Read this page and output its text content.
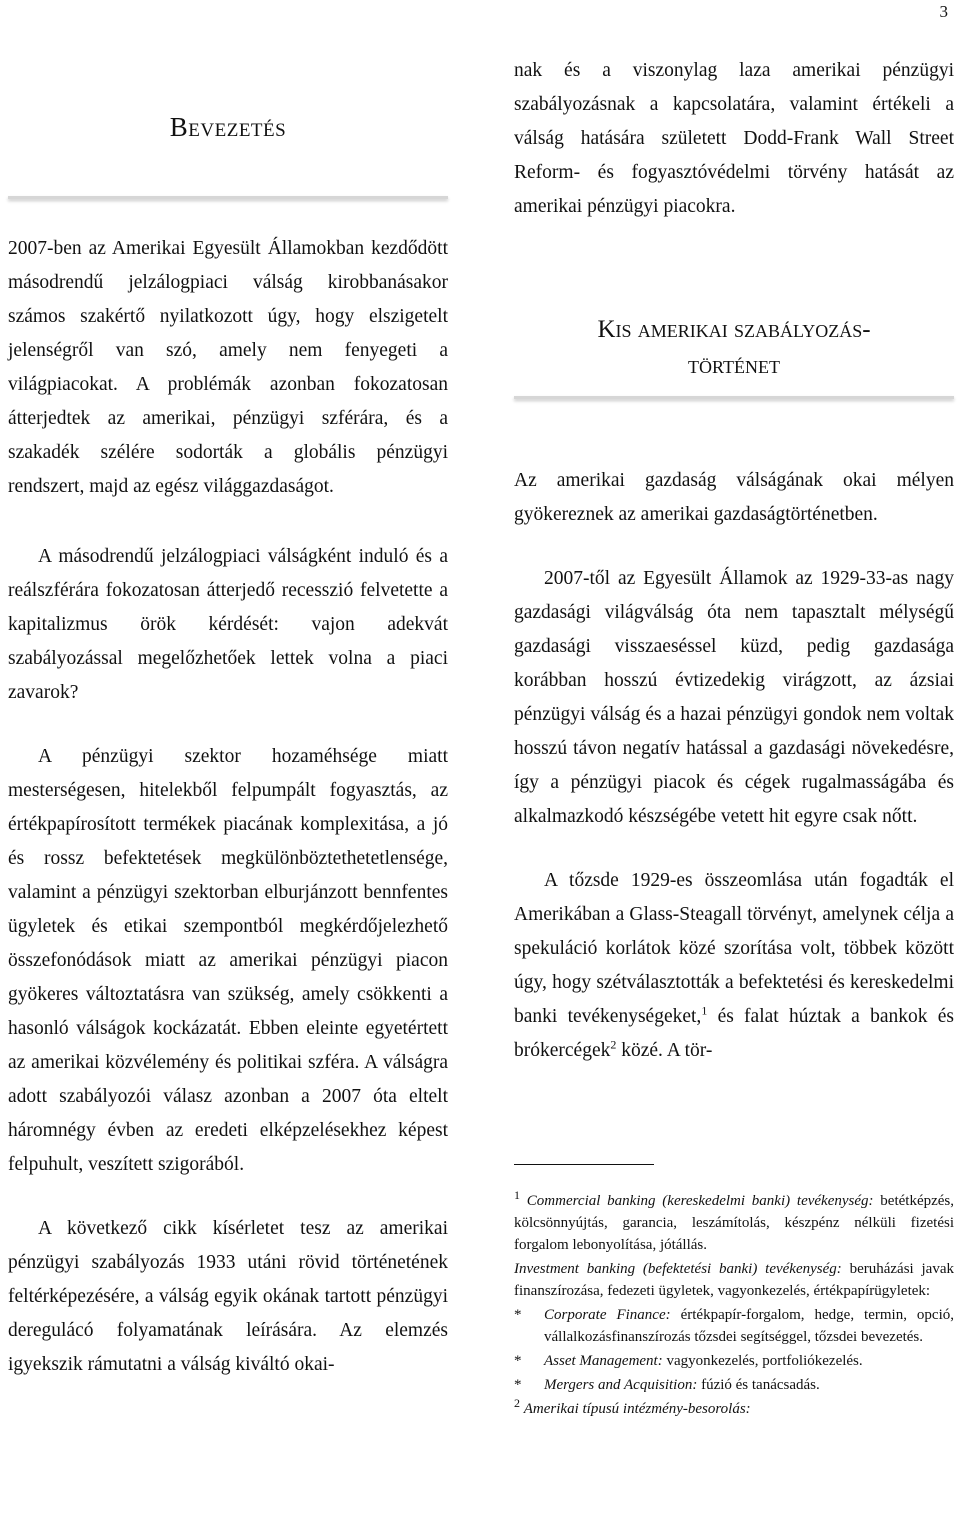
3
Bevezetés

2007-ben az Amerikai Egyesült Államokban kezdődött másodrendű jelzálogpiaci válság kirobbanásakor számos szakértő nyilatkozott úgy, hogy elszigetelt jelenségről van szó, amely nem fenyegeti a világpiacokat. A problémák azonban fokozatosan átterjedtek az amerikai, pénzügyi szférára, és a szakadék szélére sodorták a globális pénzügyi rendszert, majd az egész világgazdaságot.

A másodrendű jelzálogpiaci válságként induló és a reálszférára fokozatosan átterjedő recesszió felvetette a kapitalizmus örök kérdését: vajon adekvát szabályozással megelőzhetőek lettek volna a piaci zavarok?

A pénzügyi szektor hozaméhsége miatt mesterségesen, hitelekből felpumpált fogyasztás, az értékpapírosított termékek piacának komplexitása, a jó és rossz befektetések megkülönböztethetetlensége, valamint a pénzügyi szektorban elburjánzott bennfentes ügyletek és etikai szempontból megkérdőjelezhető összefonódások miatt az amerikai pénzügyi piacon gyökeres változtatásra van szükség, amely csökkenti a hasonló válságok kockázatát. Ebben eleinte egyetértett az amerikai közvélemény és politikai szféra. A válságra adott szabályozói válasz azonban a 2007 óta eltelt háromnégy évben az eredeti elképzelésekhez képest felpuhult, veszített szigorából.

A következő cikk kísérletet tesz az amerikai pénzügyi szabályozás 1933 utáni rövid történetének feltérképezésére, a válság egyik okának tartott pénzügyi deregulácó folyamatának leírására. Az elemzés igyekszik rámutatni a válság kiváltó okai-

nak és a viszonylag laza amerikai pénzügyi szabályozásnak a kapcsolatára, valamint értékeli a válság hatására született Dodd-Frank Wall Street Reform- és fogyasztóvédelmi törvény hatását az amerikai pénzügyi piacokra.

Kis amerikai szabályozás-
történet

Az amerikai gazdaság válságának okai mélyen gyökereznek az amerikai gazdaságtörténetben.

2007-től az Egyesült Államok az 1929-33-as nagy gazdasági világválság óta nem tapasztalt mélységű gazdasági visszaeséssel küzd, pedig gazdasága korábban hosszú évtizedekig virágzott, az ázsiai pénzügyi válság és a hazai pénzügyi gondok nem voltak hosszú távon negatív hatással a gazdasági növekedésre, így a pénzügyi piacok és cégek rugalmasságába és alkalmazkodó készségébe vetett hit egyre csak nőtt.

A tőzsde 1929-es összeomlása után fogadták el Amerikában a Glass-Steagall törvényt, amelynek célja a spekuláció korlátok közé szorítása volt, többek között úgy, hogy szétválasztották a befektetési és kereskedelmi banki tevékenységeket,$^1$ és falat húztak a bankok és brókercégek$^2$ közé. A tör-

$^1$ Commercial banking (kereskedelmi banki) tevékenység: betétképzés, kölcsönnyújtás, garancia, leszámítolás, készpénz nélküli fizetési forgalom lebonyolítása, jótállás.

Investment banking (befektetési banki) tevékenység: beruházási javak finanszírozása, fedezeti ügyletek, vagyonkezelés, értékpapírügyletek:

*	Corporate Finance: értékpapír-forgalom, hedge, termin, opció, vállalkozásfinanszírozás tőzsdei segítséggel, tőzsdei bevezetés.

*	Asset Management: vagyonkezelés, portfoliókezelés.

*	Mergers and Acquisition: fúzió és tanácsadás.

$^2$ Amerikai típusú intézmény-besorolás:
